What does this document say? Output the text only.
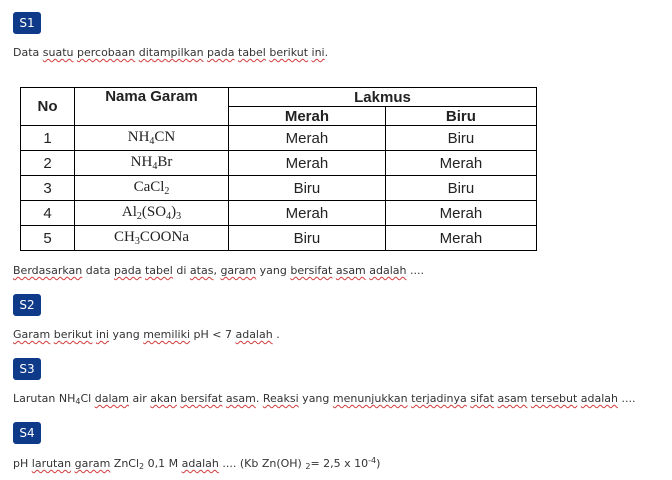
S1
Data suatu percobaan ditampilkan pada tabel berikut ini.
No	Nama Garam	Lakmus	
		Merah	Biru
1	$NH_4CN$	Merah	Biru
2	$NH_4Br$	Merah	Merah
3	CaCl$_2$	Biru	Biru
4	$Al_2(SO_4)_3$	Merah	Merah
5	$CH_3COONa$	Biru	Merah
Berdasarkan data pada tabel di atas, garam yang bersifat asam adalah ....
S2
Garam berikut ini yang memiliki pH < 7 adalah .
S3
Larutan NH4Cl dalam air akan bersifat asam. Reaksi yang menunjukkan terjadinya sifat asam tersebut adalah ....
S4
pH larutan garam ZnCl2 0,1 M adalah .... (Kb Zn(OH) 2= 2,5 x $10^{-4}$)
